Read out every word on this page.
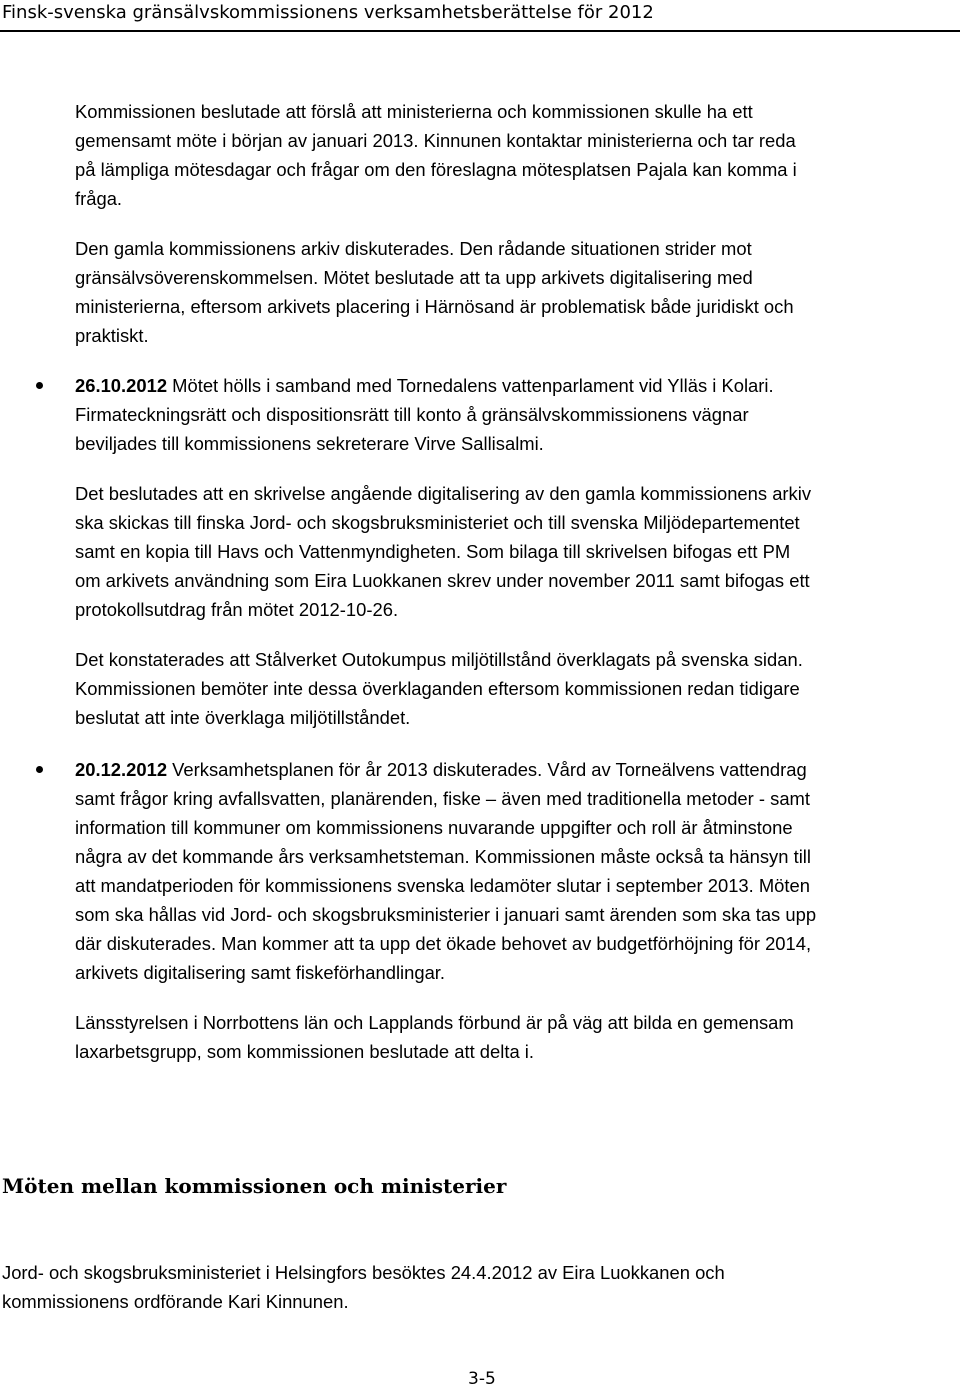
Finsk-svenska gränsälvskommissionens verksamhetsberättelse för 2012
Kommissionen beslutade att förslå att ministerierna och kommissionen skulle ha ett
gemensamt möte i början av januari 2013. Kinnunen kontaktar ministerierna och tar reda
på lämpliga mötesdagar och frågar om den föreslagna mötesplatsen Pajala kan komma i
fråga.
Den gamla kommissionens arkiv diskuterades. Den rådande situationen strider mot
gränsälvsöverenskommelsen. Mötet beslutade att ta upp arkivets digitalisering med
ministerierna, eftersom arkivets placering i Härnösand är problematisk både juridiskt och
praktiskt.
26.10.2012 Mötet hölls i samband med Tornedalens vattenparlament vid Ylläs i Kolari.
Firmateckningsrätt och dispositionsrätt till konto å gränsälvskommissionens vägnar
beviljades till kommissionens sekreterare Virve Sallisalmi.
Det beslutades att en skrivelse angående digitalisering av den gamla kommissionens arkiv
ska skickas till finska Jord- och skogsbruksministeriet och till svenska Miljödepartementet
samt en kopia till Havs och Vattenmyndigheten. Som bilaga till skrivelsen bifogas ett PM
om arkivets användning som Eira Luokkanen skrev under november 2011 samt bifogas ett
protokollsutdrag från mötet 2012-10-26.
Det konstaterades att Stålverket Outokumpus miljötillstånd överklagats på svenska sidan.
Kommissionen bemöter inte dessa överklaganden eftersom kommissionen redan tidigare
beslutat att inte överklaga miljötillståndet.
20.12.2012 Verksamhetsplanen för år 2013 diskuterades. Vård av Torneälvens vattendrag
samt frågor kring avfallsvatten, planärenden, fiske – även med traditionella metoder - samt
information till kommuner om kommissionens nuvarande uppgifter och roll är åtminstone
några av det kommande års verksamhetsteman. Kommissionen måste också ta hänsyn till
att mandatperioden för kommissionens svenska ledamöter slutar i september 2013. Möten
som ska hållas vid Jord- och skogsbruksministerier i januari samt ärenden som ska tas upp
där diskuterades. Man kommer att ta upp det ökade behovet av budgetförhöjning för 2014,
arkivets digitalisering samt fiskeförhandlingar.
Länsstyrelsen i Norrbottens län och Lapplands förbund är på väg att bilda en gemensam
laxarbetsgrupp, som kommissionen beslutade att delta i.
Möten mellan kommissionen och ministerier
Jord- och skogsbruksministeriet i Helsingfors besöktes 24.4.2012 av Eira Luokkanen och
kommissionens ordförande Kari Kinnunen.
3-5
